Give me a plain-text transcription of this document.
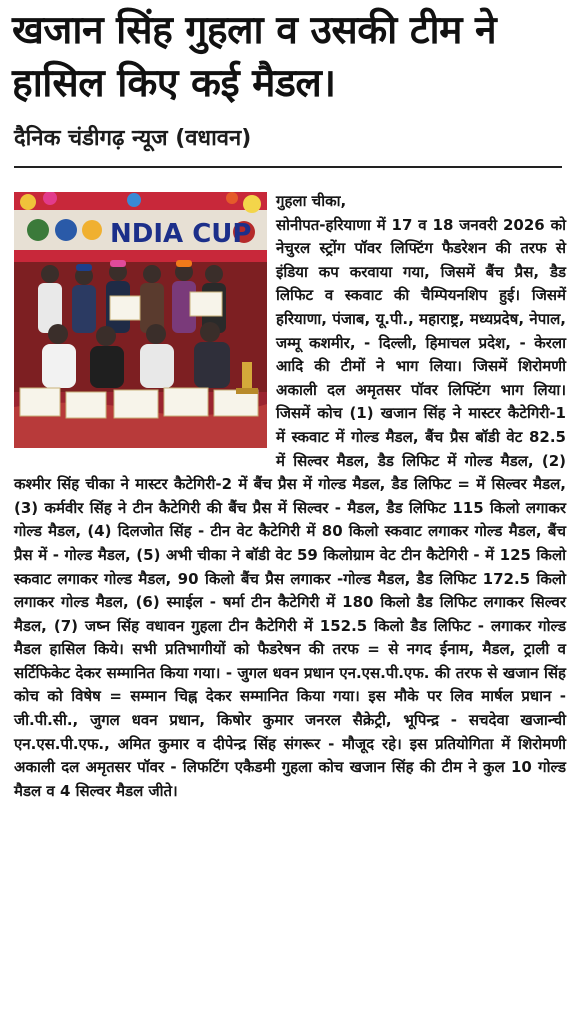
खजान सिंह गुहला व उसकी टीम ने हासिल किए कई मैडल।
दैनिक चंडीगढ़ न्यूज (वधावन)
NDIA CUP

गुहला चीका,
सोनीपत-हरियाणा में 17 व 18 जनवरी 2026 को नेचुरल स्ट्रोंग पॉवर लिफ्टिंग फैडरेशन की तरफ से इंडिया कप करवाया गया, जिसमें बैंच प्रैस, डैड लिफिट व स्कवाट की चैम्पियनशिप हुई। जिसमें हरियाणा, पंजाब, यू.पी., महाराष्ट्र, मध्यप्रदेष, नेपाल, जम्मू कशमीर, - दिल्ली, हिमाचल प्रदेश, - केरला आदि की टीमों ने भाग लिया। जिसमें शिरोमणी अकाली दल अमृतसर पॉवर लिफ्टिंग भाग लिया। जिसमें कोच (1) खजान सिंह ने मास्टर कैटेगिरी-1 में स्कवाट में गोल्ड मैडल, बैंच प्रैस बॉडी वेट 82.5 में सिल्वर मैडल, डैड लिफिट में गोल्ड मैडल, (2) कश्मीर सिंह चीका ने मास्टर कैटेगिरी-2 में बैंच प्रैस में गोल्ड मैडल, डैड लिफिट = में सिल्वर मैडल, (3) कर्मवीर सिंह ने टीन कैटेगिरी की बैंच प्रैस में सिल्वर - मैडल, डैड लिफिट 115 किलो लगाकर गोल्ड मैडल, (4) दिलजोत सिंह - टीन वेट कैटेगिरी में 80 किलो स्कवाट लगाकर गोल्ड मैडल, बैंच प्रैस में - गोल्ड मैडल, (5) अभी चीका ने बॉडी वेट 59 किलोग्राम वेट टीन कैटेगिरी - में 125 किलो स्कवाट लगाकर गोल्ड मैडल, 90 किलो बैंच प्रैस लगाकर -गोल्ड मैडल, डैड लिफिट 172.5 किलो लगाकर गोल्ड मैडल, (6) स्माईल - षर्मा टीन कैटेगिरी में 180 किलो डैड लिफिट लगाकर सिल्वर मैडल, (7) जष्न सिंह वधावन गुहला टीन कैटेगिरी में 152.5 किलो डैड लिफिट - लगाकर गोल्ड मैडल हासिल किये। सभी प्रतिभागीयों को फैडरेषन की तरफ = से नगद ईनाम, मैडल, ट्राली व सर्टिफिकेट देकर सम्मानित किया गया। - जुगल धवन प्रधान एन.एस.पी.एफ. की तरफ से खजान सिंह कोच को विषेष = सम्मान चिह्न देकर सम्मानित किया गया। इस मौके पर लिव मार्षल प्रधान - जी.पी.सी., जुगल धवन प्रधान, किषोर कुमार जनरल सैक्रेट्री, भूपिन्द्र - सचदेवा खजान्ची एन.एस.पी.एफ., अमित कुमार व दीपेन्द्र सिंह संगरूर - मौजूद रहे। इस प्रतियोगिता में शिरोमणी अकाली दल अमृतसर पॉवर - लिफटिंग एकैडमी गुहला कोच खजान सिंह की टीम ने कुल 10 गोल्ड मैडल व 4 सिल्वर मैडल जीते।
